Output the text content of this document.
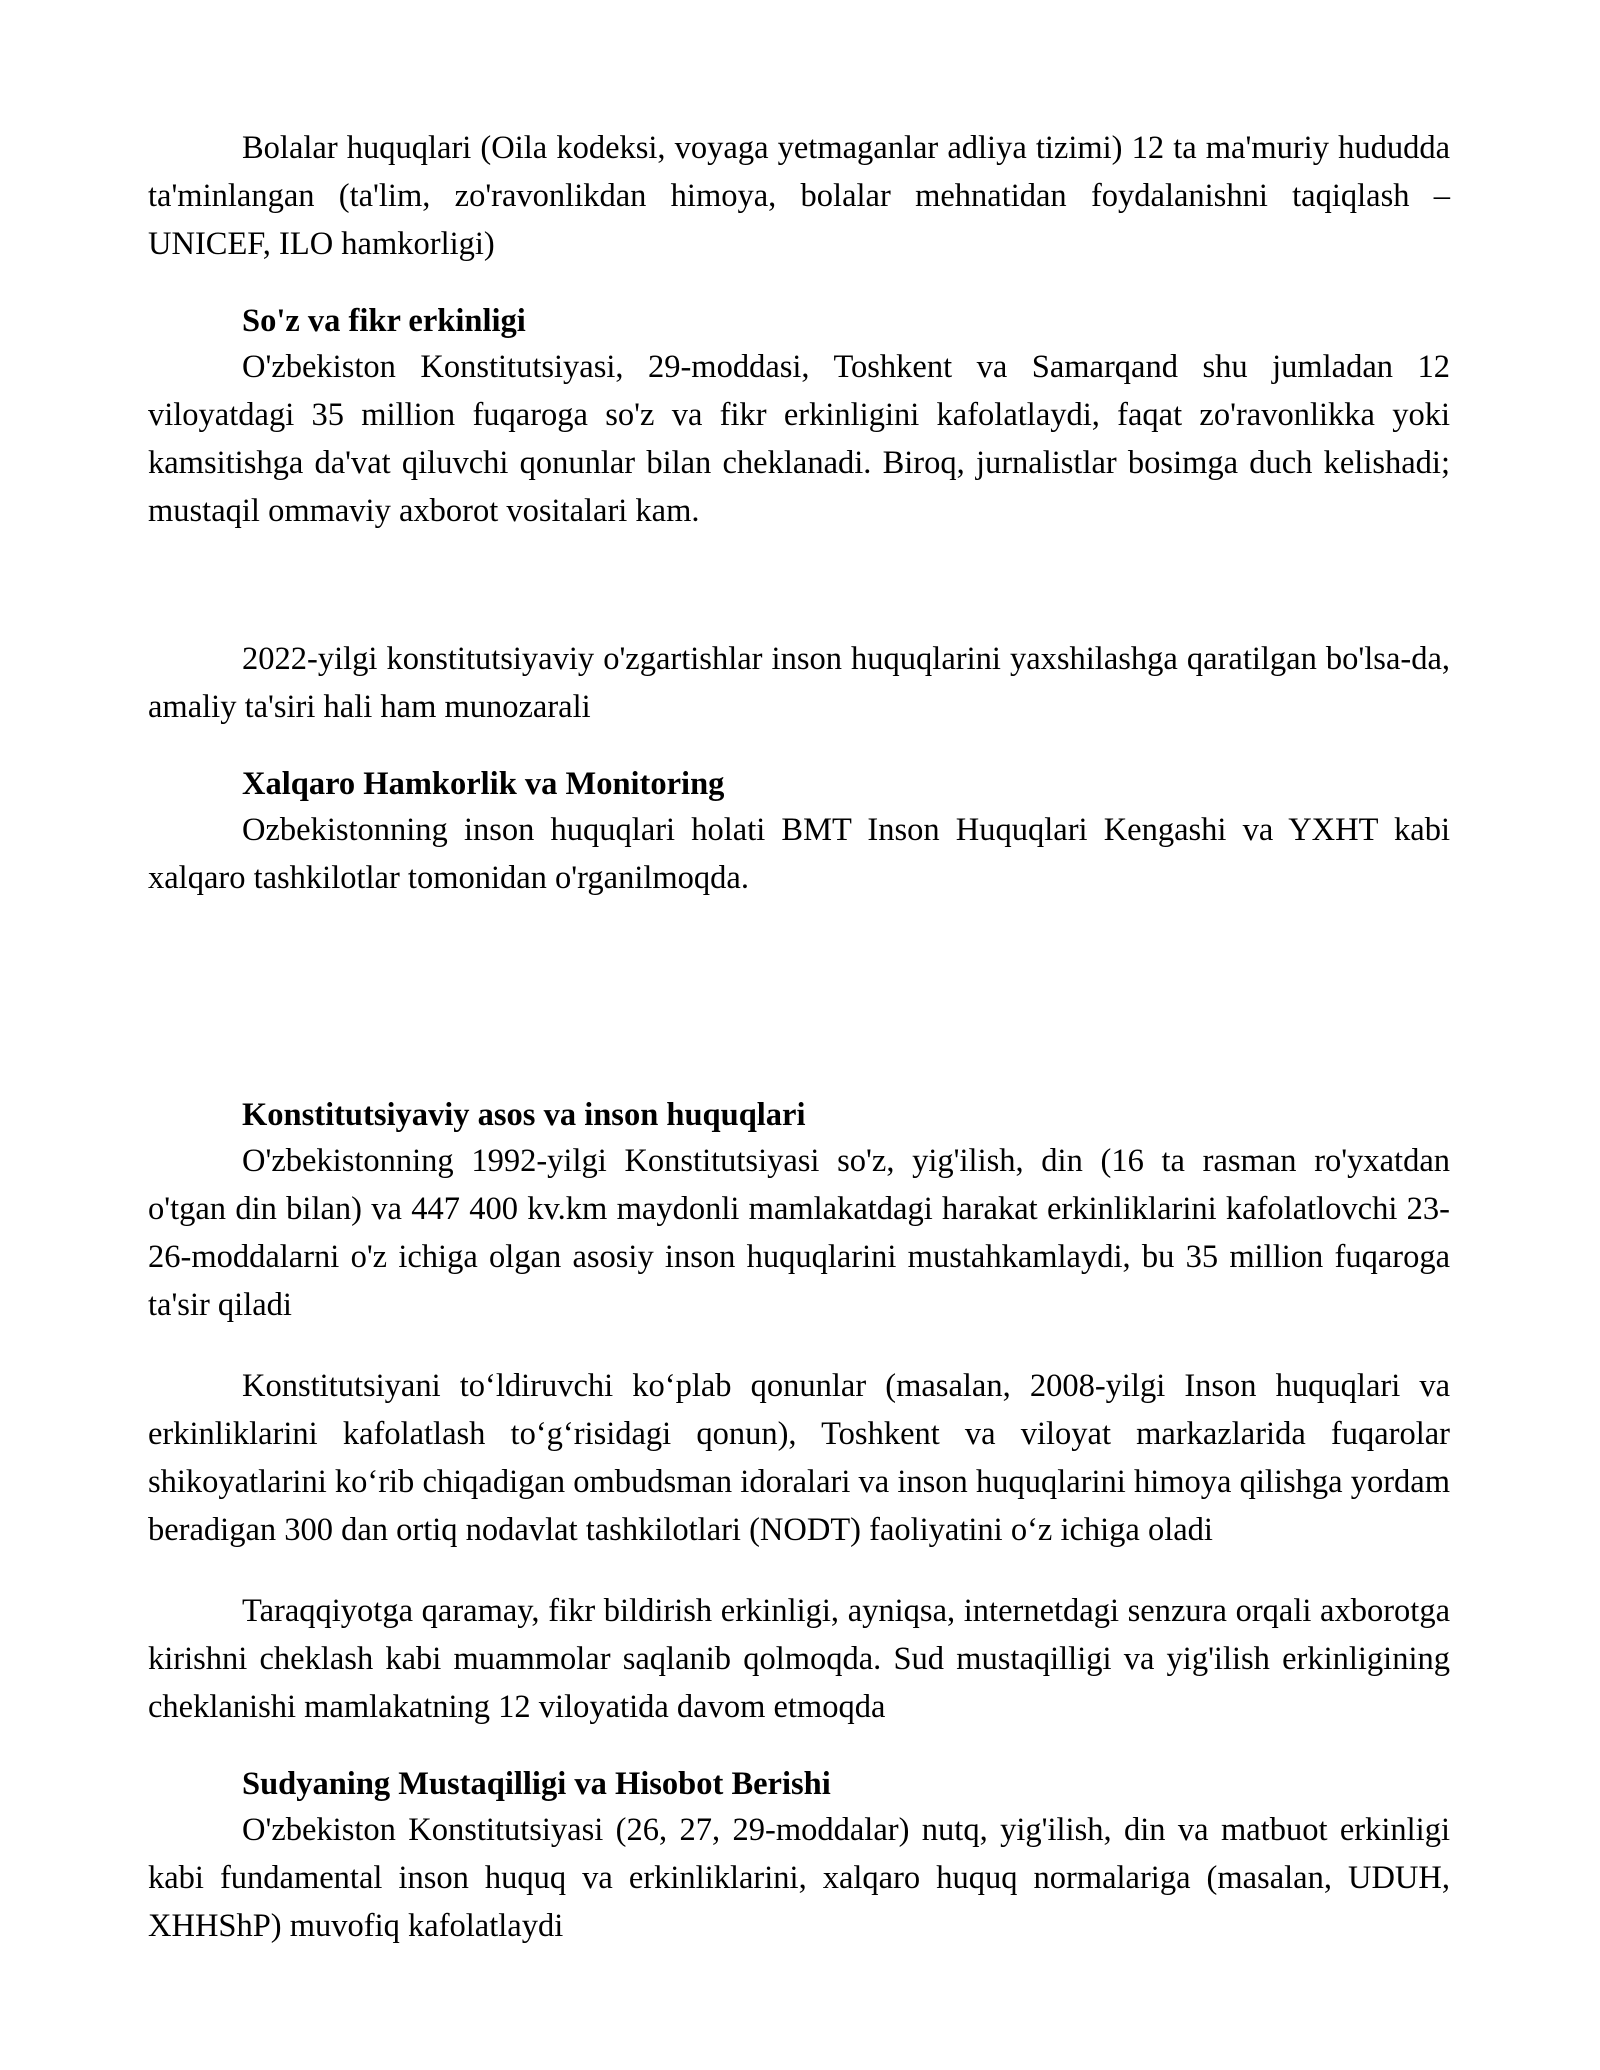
Bolalar huquqlari (Oila kodeksi, voyaga yetmaganlar adliya tizimi) 12 ta ma'muriy hududda ta'minlangan (ta'lim, zo'ravonlikdan himoya, bolalar mehnatidan foydalanishni taqiqlash – UNICEF, ILO hamkorligi)

So'z va fikr erkinligi

O'zbekiston Konstitutsiyasi, 29-moddasi, Toshkent va Samarqand shu jumladan 12 viloyatdagi 35 million fuqaroga so'z va fikr erkinligini kafolatlaydi, faqat zo'ravonlikka yoki kamsitishga da'vat qiluvchi qonunlar bilan cheklanadi. Biroq, jurnalistlar bosimga duch kelishadi; mustaqil ommaviy axborot vositalari kam.

2022-yilgi konstitutsiyaviy o'zgartishlar inson huquqlarini yaxshilashga qaratilgan bo'lsa-da, amaliy ta'siri hali ham munozarali

Xalqaro Hamkorlik va Monitoring

Ozbekistonning inson huquqlari holati BMT Inson Huquqlari Kengashi va YXHT kabi xalqaro tashkilotlar tomonidan o'rganilmoqda.

Konstitutsiyaviy asos va inson huquqlari

O'zbekistonning 1992-yilgi Konstitutsiyasi so'z, yig'ilish, din (16 ta rasman ro'yxatdan o'tgan din bilan) va 447 400 kv.km maydonli mamlakatdagi harakat erkinliklarini kafolatlovchi 23-26-moddalarni o'z ichiga olgan asosiy inson huquqlarini mustahkamlaydi, bu 35 million fuqaroga ta'sir qiladi

Konstitutsiyani to‘ldiruvchi ko‘plab qonunlar (masalan, 2008-yilgi Inson huquqlari va erkinliklarini kafolatlash to‘g‘risidagi qonun), Toshkent va viloyat markazlarida fuqarolar shikoyatlarini ko‘rib chiqadigan ombudsman idoralari va inson huquqlarini himoya qilishga yordam beradigan 300 dan ortiq nodavlat tashkilotlari (NODT) faoliyatini o‘z ichiga oladi

Taraqqiyotga qaramay, fikr bildirish erkinligi, ayniqsa, internetdagi senzura orqali axborotga kirishni cheklash kabi muammolar saqlanib qolmoqda. Sud mustaqilligi va yig'ilish erkinligining cheklanishi mamlakatning 12 viloyatida davom etmoqda

Sudyaning Mustaqilligi va Hisobot Berishi

O'zbekiston Konstitutsiyasi (26, 27, 29-moddalar) nutq, yig'ilish, din va matbuot erkinligi kabi fundamental inson huquq va erkinliklarini, xalqaro huquq normalariga (masalan, UDUH, XHHShP) muvofiq kafolatlaydi
